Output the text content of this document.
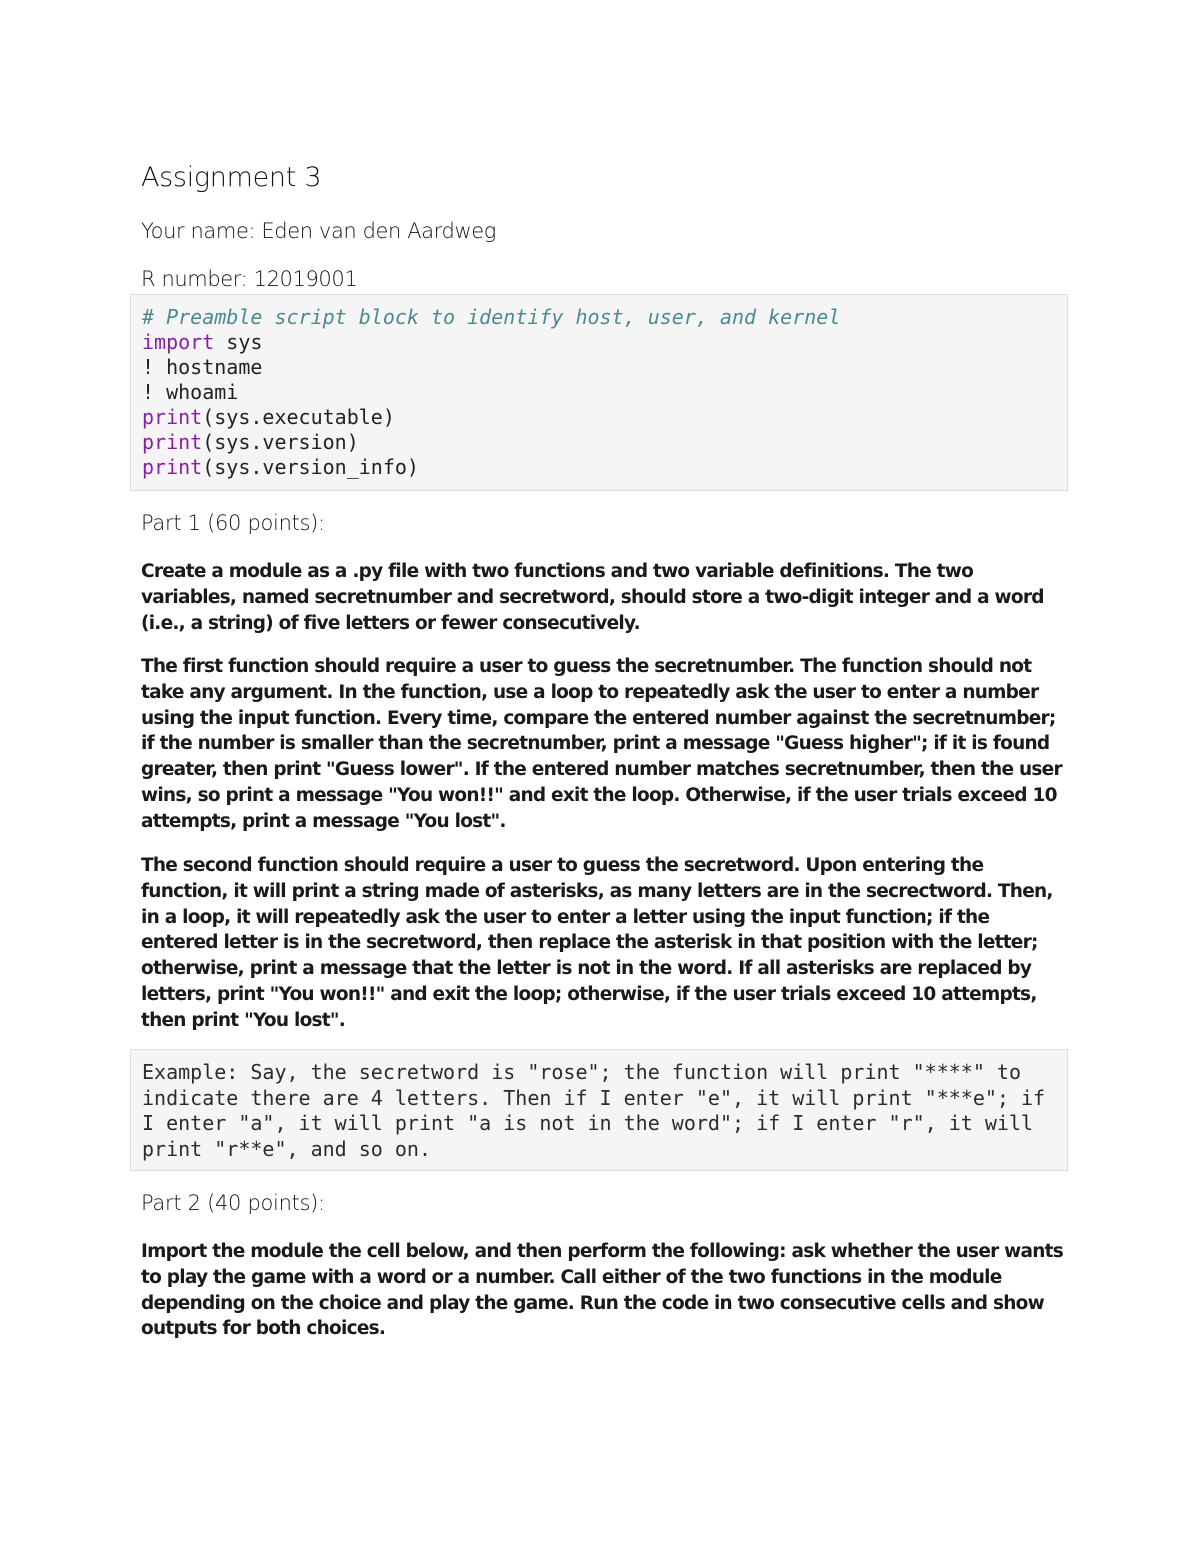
Assignment 3
Your name: Eden van den Aardweg
R number: 12019001
# Preamble script block to identify host, user, and kernel
import sys
! hostname
! whoami
print(sys.executable)
print(sys.version)
print(sys.version_info)
Part 1 (60 points):
Create a module as a .py file with two functions and two variable definitions. The two variables, named secretnumber and secretword, should store a two-digit integer and a word (i.e., a string) of five letters or fewer consecutively.
The first function should require a user to guess the secretnumber. The function should not take any argument. In the function, use a loop to repeatedly ask the user to enter a number using the input function. Every time, compare the entered number against the secretnumber; if the number is smaller than the secretnumber, print a message "Guess higher"; if it is found greater, then print "Guess lower". If the entered number matches secretnumber, then the user wins, so print a message "You won!!" and exit the loop. Otherwise, if the user trials exceed 10 attempts, print a message "You lost".
The second function should require a user to guess the secretword. Upon entering the function, it will print a string made of asterisks, as many letters are in the secrectword. Then, in a loop, it will repeatedly ask the user to enter a letter using the input function; if the entered letter is in the secretword, then replace the asterisk in that position with the letter; otherwise, print a message that the letter is not in the word. If all asterisks are replaced by letters, print "You won!!" and exit the loop; otherwise, if the user trials exceed 10 attempts, then print "You lost".
Example: Say, the secretword is "rose"; the function will print "****" to indicate there are 4 letters. Then if I enter "e", it will print "***e"; if I enter "a", it will print "a is not in the word"; if I enter "r", it will print "r**e", and so on.
Part 2 (40 points):
Import the module the cell below, and then perform the following: ask whether the user wants to play the game with a word or a number. Call either of the two functions in the module depending on the choice and play the game. Run the code in two consecutive cells and show outputs for both choices.
